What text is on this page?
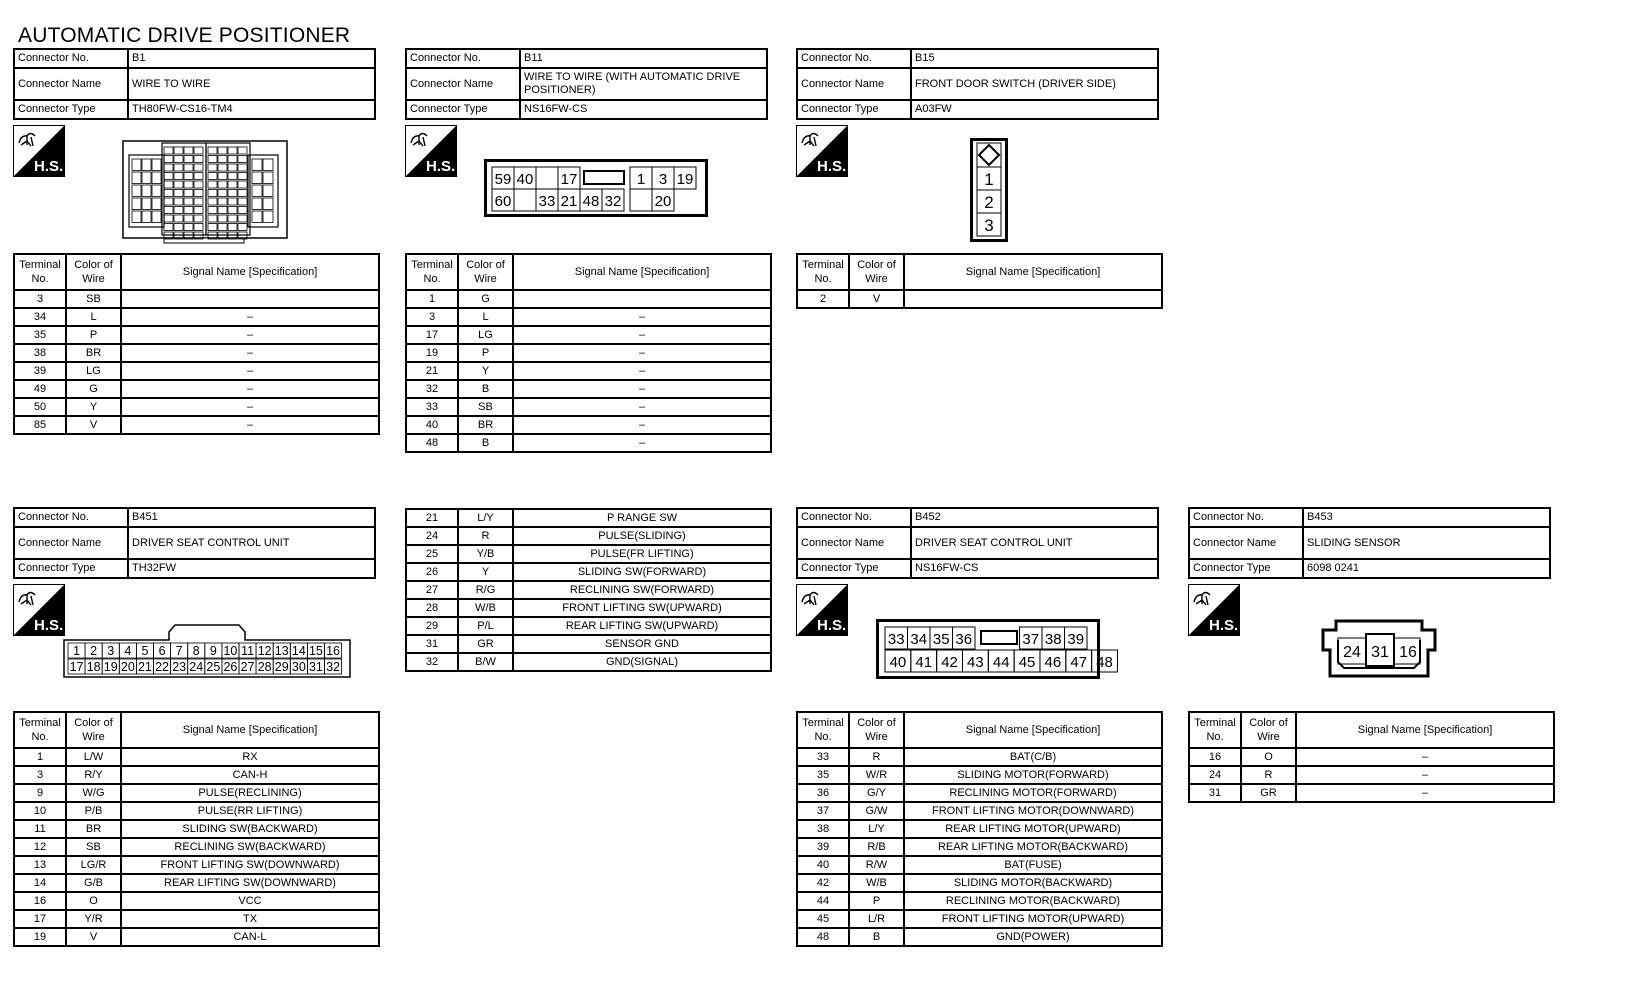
AUTOMATIC DRIVE POSITIONER
Connector No.	B1
Connector Name	WIRE TO WIRE
Connector Type	TH80FW-CS16-TM4
Connector No.	B11
Connector Name	WIRE TO WIRE (WITH AUTOMATIC DRIVE POSITIONER)
Connector Type	NS16FW-CS
Connector No.	B15
Connector Name	FRONT DOOR SWITCH (DRIVER SIDE)
Connector Type	A03FW
Connector No.	B451
Connector Name	DRIVER SEAT CONTROL UNIT
Connector Type	TH32FW
Connector No.	B452
Connector Name	DRIVER SEAT CONTROL UNIT
Connector Type	NS16FW-CS
Connector No.	B453
Connector Name	SLIDING SENSOR
Connector Type	6098 0241
H.S.	H.S.	H.S.
H.S.	H.S.	H.S.
59 40 17	1 3 19
60 33 21 48 32 20
1
2
3
1 2 3 4 5 6 7 8 9 10 11 12 13 14 15 16
17 18 19 20 21 22 23 24 25 26 27 28 29 30 31 32
33 34 35 36	37 38 39
40 41 42 43 44 45 46 47 48
24 31 16
Terminal No.	Color of Wire	Signal Name [Specification]
3	SB	
34	L	–
35	P	–
38	BR	–
39	LG	–
49	G	–
50	Y	–
85	V	–
Terminal No.	Color of Wire	Signal Name [Specification]
1	G	
3	L	–
17	LG	–
19	P	–
21	Y	–
32	B	–
33	SB	–
40	BR	–
48	B	–
Terminal No.	Color of Wire	Signal Name [Specification]
2	V	
Terminal No.	Color of Wire	Signal Name [Specification]
1	L/W	RX
3	R/Y	CAN-H
9	W/G	PULSE(RECLINING)
10	P/B	PULSE(RR LIFTING)
11	BR	SLIDING SW(BACKWARD)
12	SB	RECLINING SW(BACKWARD)
13	LG/R	FRONT LIFTING SW(DOWNWARD)
14	G/B	REAR LIFTING SW(DOWNWARD)
16	O	VCC
17	Y/R	TX
19	V	CAN-L
21	L/Y	P RANGE SW
24	R	PULSE(SLIDING)
25	Y/B	PULSE(FR LIFTING)
26	Y	SLIDING SW(FORWARD)
27	R/G	RECLINING SW(FORWARD)
28	W/B	FRONT LIFTING SW(UPWARD)
29	P/L	REAR LIFTING SW(UPWARD)
31	GR	SENSOR GND
32	B/W	GND(SIGNAL)
Terminal No.	Color of Wire	Signal Name [Specification]
33	R	BAT(C/B)
35	W/R	SLIDING MOTOR(FORWARD)
36	G/Y	RECLINING MOTOR(FORWARD)
37	G/W	FRONT LIFTING MOTOR(DOWNWARD)
38	L/Y	REAR LIFTING MOTOR(UPWARD)
39	R/B	REAR LIFTING MOTOR(BACKWARD)
40	R/W	BAT(FUSE)
42	W/B	SLIDING MOTOR(BACKWARD)
44	P	RECLINING MOTOR(BACKWARD)
45	L/R	FRONT LIFTING MOTOR(UPWARD)
48	B	GND(POWER)
Terminal No.	Color of Wire	Signal Name [Specification]
16	O	–
24	R	–
31	GR	–
